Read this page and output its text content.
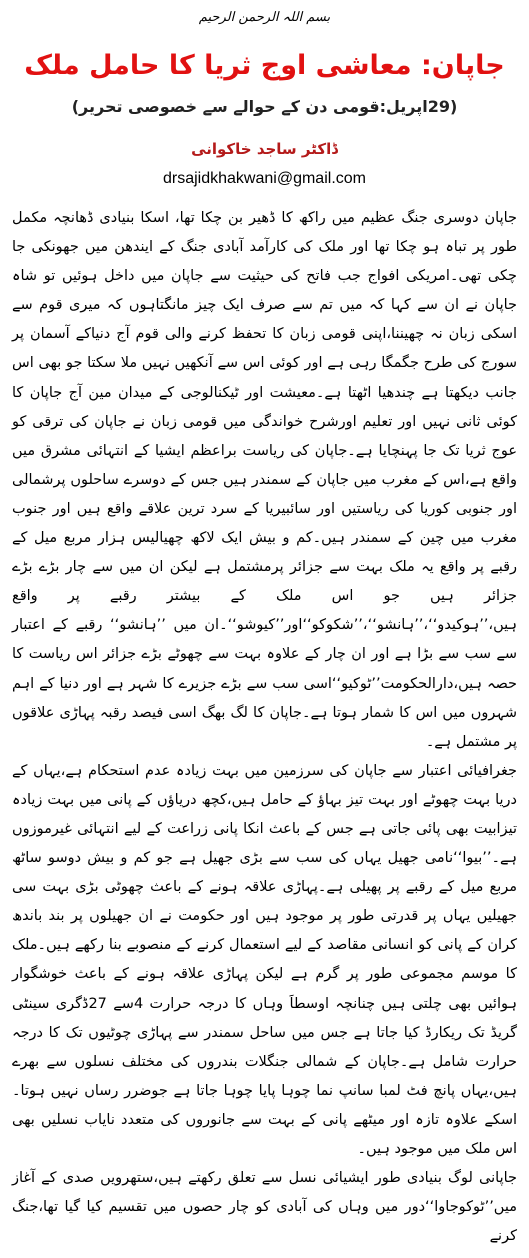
بسم اللہ الرحمن الرحیم
جاپان: معاشی اوج ثریا کا حامل ملک
(29اپریل:قومی دن کے حوالے سے خصوصی تحریر)
ڈاکٹر ساجد خاکوانی
drsajidkhakwani@gmail.com

جاپان دوسری جنگ عظیم میں راکھ کا ڈھیر بن چکا تھا، اسکا بنیادی ڈھانچہ مکمل طور پر تباہ ہو چکا تھا اور ملک کی کارآمد آبادی جنگ کے ایندھن میں جھونکی جا چکی تھی۔امریکی افواج جب فاتح کی حیثیت سے جاپان میں داخل ہوئیں تو شاہ جاپان نے ان سے کہا کہ میں تم سے صرف ایک چیز مانگتاہوں کہ میری قوم سے اسکی زبان نہ چھیننا،اپنی قومی زبان کا تحفظ کرنے والی قوم آج دنیاکے آسمان پر سورج کی طرح جگمگا رہی ہے اور کوئی اس سے آنکھیں نہیں ملا سکتا جو بھی اس جانب دیکھتا ہے چندھیا اٹھتا ہے۔معیشت اور ٹیکنالوجی کے میدان مین آج جاپان کا کوئی ثانی نہیں اور تعلیم اورشرح خواندگی میں قومی زبان نے جاپان کی ترقی کو عوج ثریا تک جا پہنچایا ہے۔جاپان کی ریاست براعظم ایشیا کے انتہائی مشرق میں واقع ہے،اس کے مغرب میں جاپان کے سمندر ہیں جس کے دوسرے ساحلوں پرشمالی اور جنوبی کوریا کی ریاستیں اور سائبیریا کے سرد ترین علاقے واقع ہیں اور جنوب مغرب میں چین کے سمندر ہیں۔کم و بیش ایک لاکھ چھیالیس ہزار مربع میل کے رقبے پر واقع یہ ملک بہت سے جزائر پرمشتمل ہے لیکن ان میں سے چار بڑے بڑے جزائر ہیں جو اس ملک کے بیشتر رقبے پر واقع ہیں،’’ہوکیدو‘‘،’’ہانشو‘‘،’’شکوکو‘‘اور’’کیوشو‘‘۔ان میں ’’ہانشو‘‘ رقبے کے اعتبار سے سب سے بڑا ہے اور ان چار کے علاوہ بہت سے چھوٹے بڑے جزائر اس ریاست کا حصہ ہیں،دارالحکومت’’ٹوکیو‘‘اسی سب سے بڑے جزیرے کا شہر ہے اور دنیا کے اہم شہروں میں اس کا شمار ہوتا ہے۔جاپان کا لگ بھگ اسی فیصد رقبہ پہاڑی علاقوں پر مشتمل ہے۔

جغرافیائی اعتبار سے جاپان کی سرزمین میں بہت زیادہ عدم استحکام ہے،یہاں کے دریا بہت چھوٹے اور بہت تیز بہاؤ کے حامل ہیں،کچھ دریاؤں کے پانی میں بہت زیادہ تیزابیت بھی پائی جاتی ہے جس کے باعث انکا پانی زراعت کے لیے انتہائی غیرموزوں ہے۔’’بیوا‘‘نامی جھیل یہاں کی سب سے بڑی جھیل ہے جو کم و بیش دوسو ساٹھ مربع میل کے رقبے پر پھیلی ہے۔پہاڑی علاقہ ہونے کے باعث چھوٹی بڑی بہت سی جھیلیں یہاں پر قدرتی طور پر موجود ہیں اور حکومت نے ان جھیلوں پر بند باندھ کران کے پانی کو انسانی مقاصد کے لیے استعمال کرنے کے منصوبے بنا رکھے ہیں۔ملک کا موسم مجموعی طور پر گرم ہے لیکن پہاڑی علاقہ ہونے کے باعث خوشگوار ہوائیں بھی چلتی ہیں چنانچہ اوسطاََ وہاں کا درجہ حرارت 4سے 27ڈگری سینٹی گریڈ تک ریکارڈ کیا جاتا ہے جس میں ساحل سمندر سے پہاڑی چوٹیوں تک کا درجہ حرارت شامل ہے۔جاپان کے شمالی جنگلات بندروں کی مختلف نسلوں سے بھرے ہیں،یہاں پانچ فٹ لمبا سانپ نما چوہا پایا چوہا جاتا ہے جوضرر رساں نہیں ہوتا۔اسکے علاوہ تازہ اور میٹھے پانی کے بہت سے جانوروں کی متعدد نایاب نسلیں بھی اس ملک میں موجود ہیں۔

جاپانی لوگ بنیادی طور ایشیائی نسل سے تعلق رکھتے ہیں،ستھرویں صدی کے آغاز میں’’ٹوکوجاوا‘‘دور میں وہاں کی آبادی کو چار حصوں میں تقسیم کیا گیا تھا،جنگ کرنے
